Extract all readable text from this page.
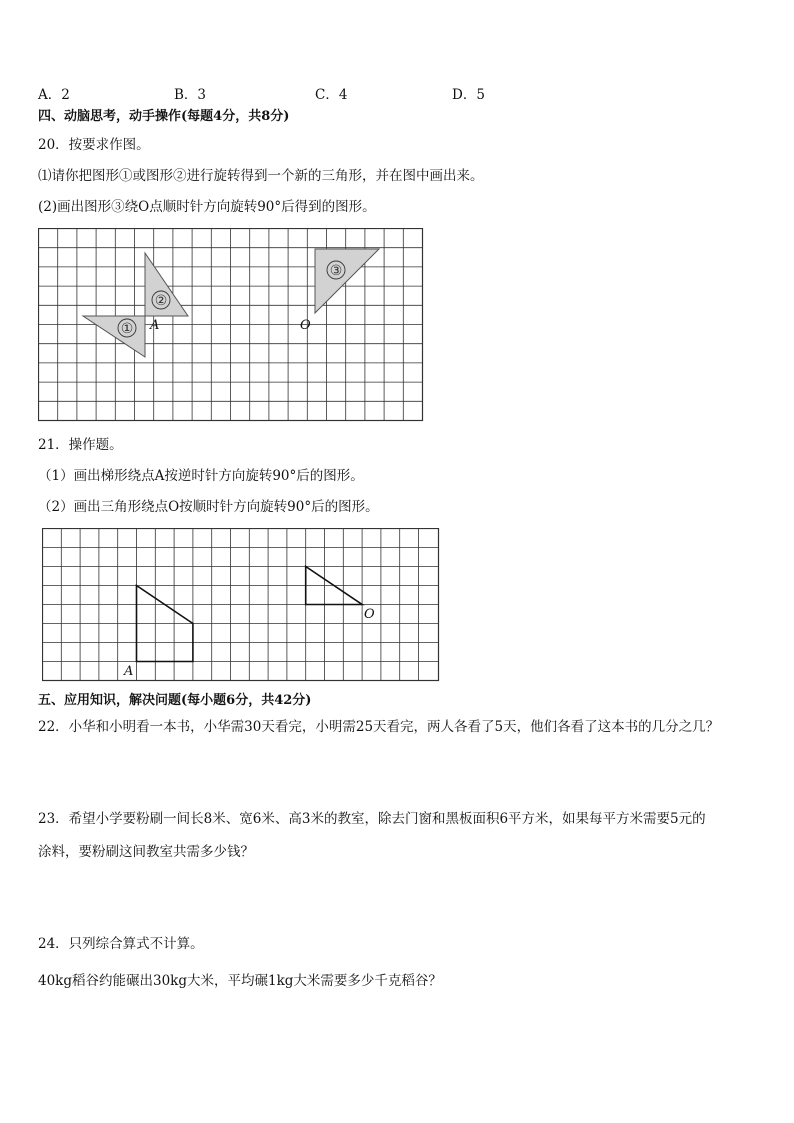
A．2	B．3	C．4	D．5
四、动脑思考，动手操作(每题4分，共8分)
20．按要求作图。
⑴请你把图形①或图形②进行旋转得到一个新的三角形，并在图中画出来。
(2)画出图形③绕O点顺时针方向旋转90°后得到的图形。
①
②
③
A	O
21．操作题。
（1）画出梯形绕点A按逆时针方向旋转90°后的图形。
（2）画出三角形绕点O按顺时针方向旋转90°后的图形。
A
O
五、应用知识，解决问题(每小题6分，共42分)
22．小华和小明看一本书，小华需30天看完，小明需25天看完，两人各看了5天，他们各看了这本书的几分之几？
23．希望小学要粉刷一间长8米、宽6米、高3米的教室，除去门窗和黑板面积6平方米，如果每平方米需要5元的
涂料，要粉刷这间教室共需多少钱？
24．只列综合算式不计算。
40kg稻谷约能碾出30kg大米，平均碾1kg大米需要多少千克稻谷？
